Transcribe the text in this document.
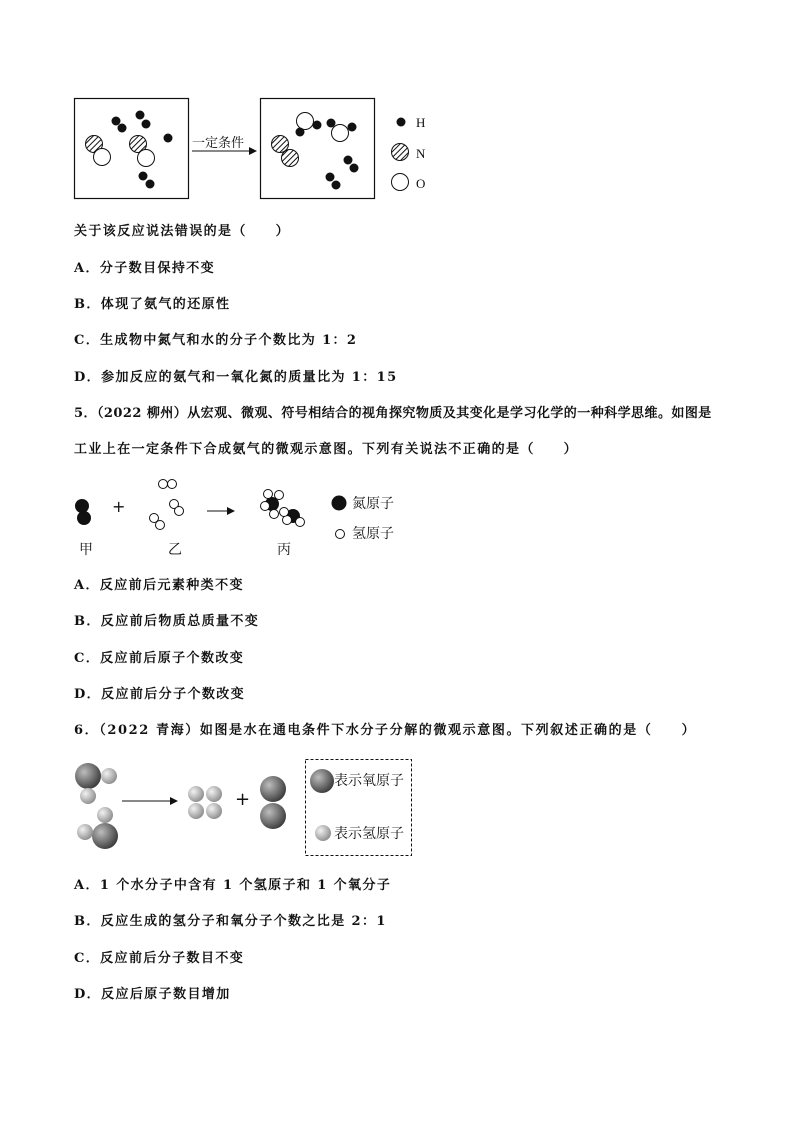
一定条件
H
N
O
关于该反应说法错误的是（　　）
A．分子数目保持不变
B．体现了氨气的还原性
C．生成物中氮气和水的分子个数比为 1：2
D．参加反应的氨气和一氧化氮的质量比为 1：15
5．（2022 柳州）从宏观、微观、符号相结合的视角探究物质及其变化是学习化学的一种科学思维。如图是
工业上在一定条件下合成氨气的微观示意图。下列有关说法不正确的是（　　）
+	氮原子
氢原子
甲	乙	丙
A．反应前后元素种类不变
B．反应前后物质总质量不变
C．反应前后原子个数改变
D．反应前后分子个数改变
6．（2022 青海）如图是水在通电条件下水分子分解的微观示意图。下列叙述正确的是（　　）
+
表示氧原子
表示氢原子
A．1 个水分子中含有 1 个氢原子和 1 个氧分子
B．反应生成的氢分子和氧分子个数之比是 2：1
C．反应前后分子数目不变
D．反应后原子数目增加
